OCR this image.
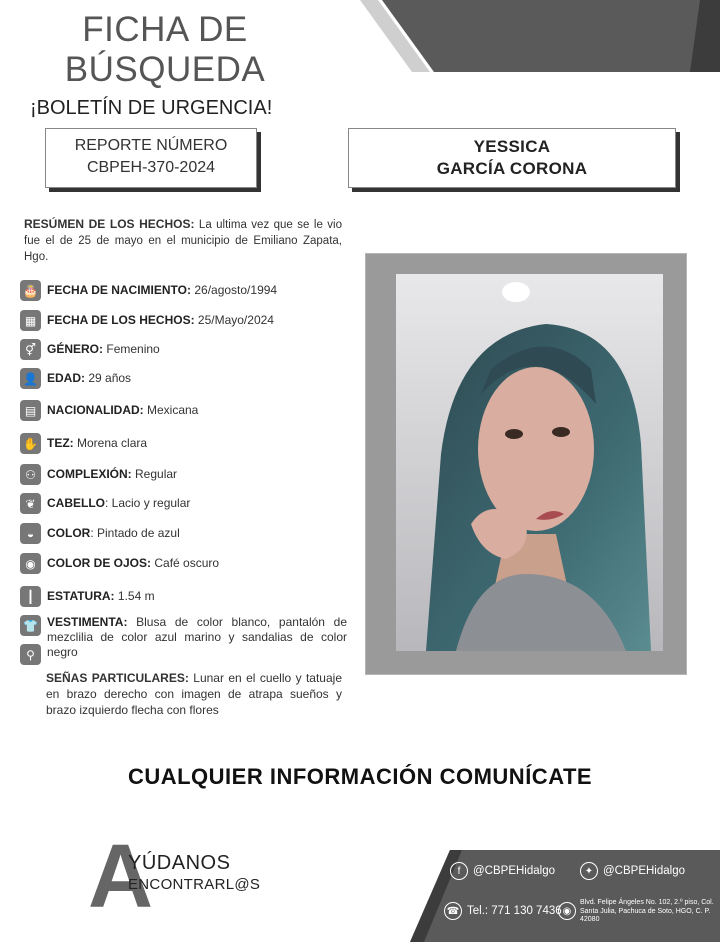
FICHA DE
BÚSQUEDA
¡BOLETÍN DE URGENCIA!
REPORTE NÚMERO
CBPEH-370-2024
YESSICA
GARCÍA CORONA
RESÚMEN DE LOS HECHOS: La ultima vez que se le vio fue el de 25 de mayo en el municipio de Emiliano Zapata, Hgo.
🎂 FECHA DE NACIMIENTO: 26/agosto/1994
▦ FECHA DE LOS HECHOS: 25/Mayo/2024
⚥ GÉNERO: Femenino
👤 EDAD: 29 años
▤ NACIONALIDAD: Mexicana
✋ TEZ: Morena clara
⚇ COMPLEXIÓN: Regular
❦ CABELLO: Lacio y regular
◒	COLOR: Pintado de azul
◉ COLOR DE OJOS: Café oscuro
┃	ESTATURA: 1.54 m
👕 VESTIMENTA: Blusa de color blanco, pantalón de mezclilia de color azul marino y sandalias de color negro
⚲
SEÑAS PARTICULARES: Lunar en el cuello y tatuaje en brazo derecho con imagen de atrapa sueños y brazo izquierdo flecha con flores
CUALQUIER INFORMACIÓN COMUNÍCATE
A
YÚDANOS
ENCONTRARL@S
f	@CBPEHidalgo	✦ @CBPEHidalgo
☎ Tel.: 771 130 7436 ◉
Blvd. Felipe Ángeles No. 102, 2.º piso, Col. Santa Julia, Pachuca de Soto, HGO, C. P. 42080
